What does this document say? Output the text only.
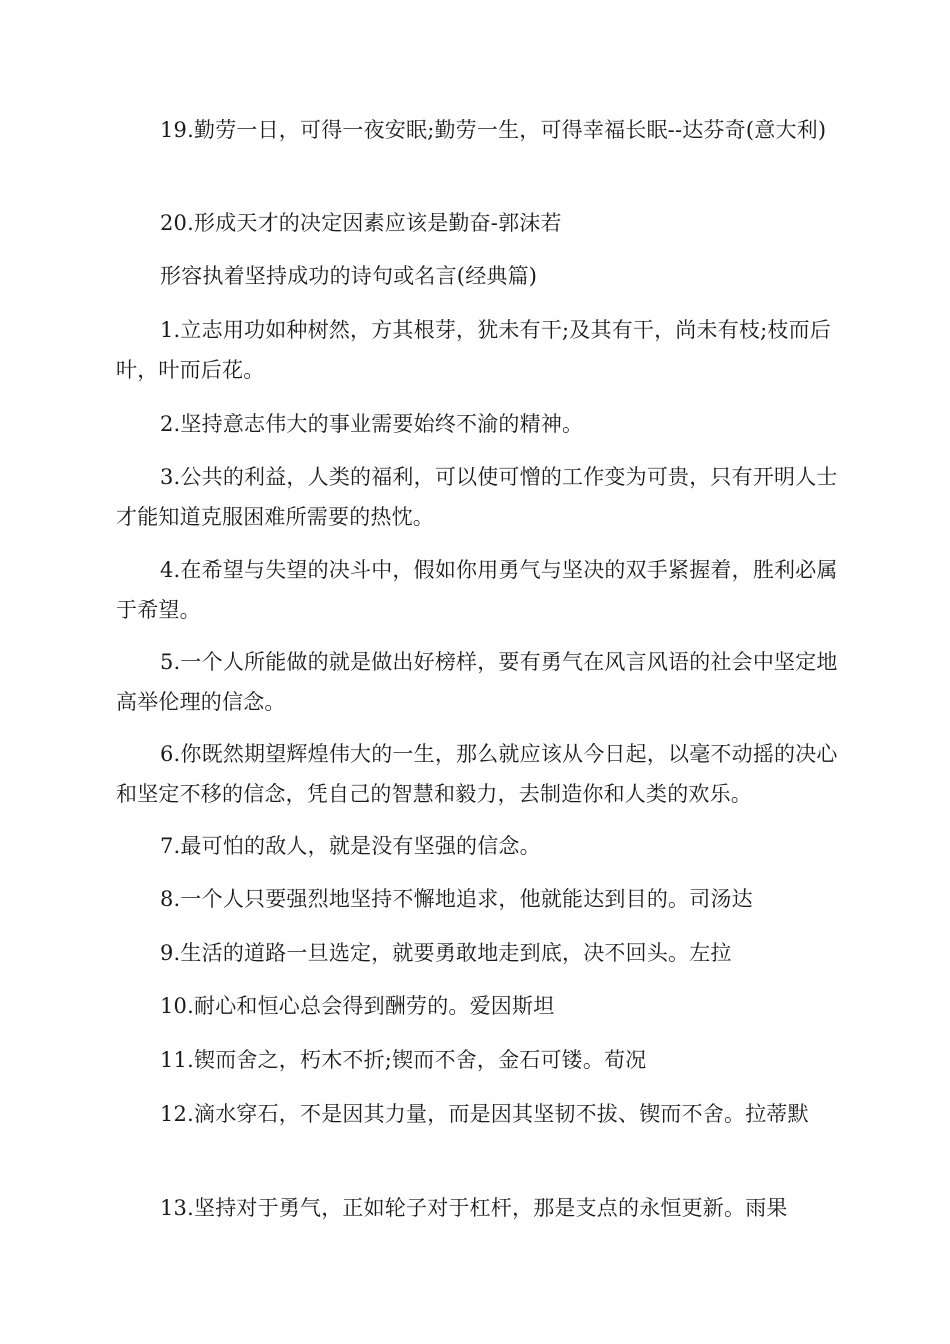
19.勤劳一日，可得一夜安眠;勤劳一生，可得幸福长眠--达芬奇(意大利)

20.形成天才的决定因素应该是勤奋-郭沫若

形容执着坚持成功的诗句或名言(经典篇)

1.立志用功如种树然，方其根芽，犹未有干;及其有干，尚未有枝;枝而后叶，叶而后花。

2.坚持意志伟大的事业需要始终不渝的精神。

3.公共的利益，人类的福利，可以使可憎的工作变为可贵，只有开明人士才能知道克服困难所需要的热忱。

4.在希望与失望的决斗中，假如你用勇气与坚决的双手紧握着，胜利必属于希望。

5.一个人所能做的就是做出好榜样，要有勇气在风言风语的社会中坚定地高举伦理的信念。

6.你既然期望辉煌伟大的一生，那么就应该从今日起，以毫不动摇的决心和坚定不移的信念，凭自己的智慧和毅力，去制造你和人类的欢乐。

7.最可怕的敌人，就是没有坚强的信念。

8.一个人只要强烈地坚持不懈地追求，他就能达到目的。司汤达

9.生活的道路一旦选定，就要勇敢地走到底，决不回头。左拉

10.耐心和恒心总会得到酬劳的。爱因斯坦

11.锲而舍之，朽木不折;锲而不舍，金石可镂。荀况

12.滴水穿石，不是因其力量，而是因其坚韧不拔、锲而不舍。拉蒂默

13.坚持对于勇气，正如轮子对于杠杆，那是支点的永恒更新。雨果
